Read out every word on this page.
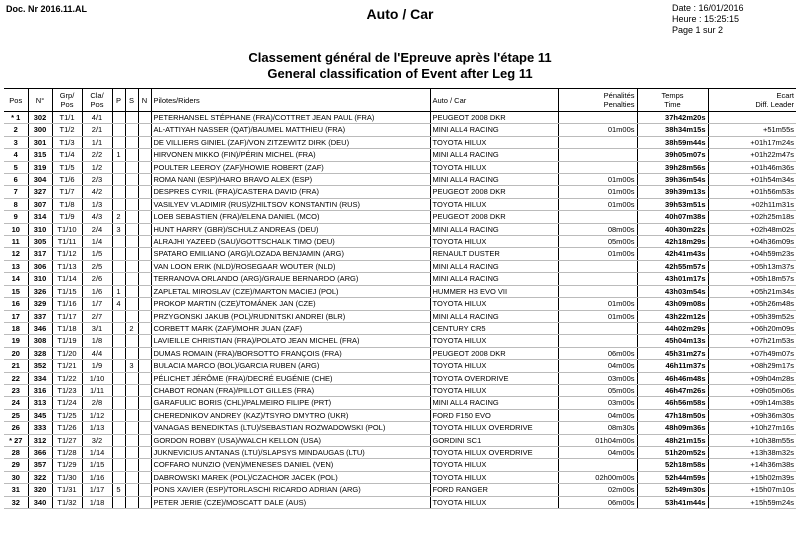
Doc. Nr 2016.11.AL	Auto / Car	Date : 16/01/2016
Heure : 15:25:15
Page 1 sur 2
Classement général de l'Epreuve après l'étape 11
General classification of Event after Leg 11
Pos	N°	Grp/
Pos	Cla/
Pos	P	S	N	Pilotes/Riders	Auto / Car	Pénalités
Penalties	Temps
Time	Ecart
Diff. Leader
* 1	302	T1/1	4/1				PETERHANSEL STÉPHANE (FRA)/COTTRET JEAN PAUL (FRA)	PEUGEOT 2008 DKR		37h42m20s	
2	300	T1/2	2/1				AL-ATTIYAH NASSER (QAT)/BAUMEL MATTHIEU (FRA)	MINI ALL4 RACING	01m00s	38h34m15s	+51m55s
3	301	T1/3	1/1				DE VILLIERS GINIEL (ZAF)/VON ZITZEWITZ DIRK (DEU)	TOYOTA HILUX		38h59m44s	+01h17m24s
4	315	T1/4	2/2	1			HIRVONEN MIKKO (FIN)/PÉRIN MICHEL (FRA)	MINI ALL4 RACING		39h05m07s	+01h22m47s
5	319	T1/5	1/2				POULTER LEEROY (ZAF)/HOWIE ROBERT (ZAF)	TOYOTA HILUX		39h28m56s	+01h46m36s
6	304	T1/6	2/3				ROMA NANI (ESP)/HARO BRAVO ALEX (ESP)	MINI ALL4 RACING	01m00s	39h36m54s	+01h54m34s
7	327	T1/7	4/2				DESPRES CYRIL (FRA)/CASTERA DAVID (FRA)	PEUGEOT 2008 DKR	01m00s	39h39m13s	+01h56m53s
8	307	T1/8	1/3				VASILYEV VLADIMIR (RUS)/ZHILTSOV KONSTANTIN (RUS)	TOYOTA HILUX	01m00s	39h53m51s	+02h11m31s
9	314	T1/9	4/3	2			LOEB SEBASTIEN (FRA)/ELENA DANIEL (MCO)	PEUGEOT 2008 DKR		40h07m38s	+02h25m18s
10	310	T1/10	2/4	3			HUNT HARRY (GBR)/SCHULZ ANDREAS (DEU)	MINI ALL4 RACING	08m00s	40h30m22s	+02h48m02s
11	305	T1/11	1/4				ALRAJHI YAZEED (SAU)/GOTTSCHALK TIMO (DEU)	TOYOTA HILUX	05m00s	42h18m29s	+04h36m09s
12	317	T1/12	1/5				SPATARO EMILIANO (ARG)/LOZADA BENJAMIN (ARG)	RENAULT DUSTER	01m00s	42h41m43s	+04h59m23s
13	306	T1/13	2/5				VAN LOON ERIK (NLD)/ROSEGAAR WOUTER (NLD)	MINI ALL4 RACING		42h55m57s	+05h13m37s
14	310	T1/14	2/6				TERRANOVA ORLANDO (ARG)/GRAUE BERNARDO (ARG)	MINI ALL4 RACING		43h01m17s	+05h18m57s
15	326	T1/15	1/6	1			ZAPLETAL MIROSLAV (CZE)/MARTON MACIEJ (POL)	HUMMER H3 EVO VII		43h03m54s	+05h21m34s
16	329	T1/16	1/7	4			PROKOP MARTIN (CZE)/TOMÁNEK JAN (CZE)	TOYOTA HILUX	01m00s	43h09m08s	+05h26m48s
17	337	T1/17	2/7				PRZYGONSKI JAKUB (POL)/RUDNITSKI ANDREI (BLR)	MINI ALL4 RACING	01m00s	43h22m12s	+05h39m52s
18	346	T1/18	3/1		2		CORBETT MARK (ZAF)/MOHR JUAN (ZAF)	CENTURY CR5		44h02m29s	+06h20m09s
19	308	T1/19	1/8				LAVIEILLE CHRISTIAN (FRA)/POLATO JEAN MICHEL (FRA)	TOYOTA HILUX		45h04m13s	+07h21m53s
20	328	T1/20	4/4				DUMAS ROMAIN (FRA)/BORSOTTO FRANÇOIS (FRA)	PEUGEOT 2008 DKR	06m00s	45h31m27s	+07h49m07s
21	352	T1/21	1/9		3		BULACIA MARCO (BOL)/GARCIA RUBEN (ARG)	TOYOTA HILUX	04m00s	46h11m37s	+08h29m17s
22	334	T1/22	1/10				PÉLICHET JÉRÔME (FRA)/DECRÉ EUGÉNIE (CHE)	TOYOTA OVERDRIVE	03m00s	46h46m48s	+09h04m28s
23	316	T1/23	1/11				CHABOT RONAN (FRA)/PILLOT GILLES (FRA)	TOYOTA HILUX	05m00s	46h47m26s	+09h05m06s
24	313	T1/24	2/8				GARAFULIC BORIS (CHL)/PALMEIRO FILIPE (PRT)	MINI ALL4 RACING	03m00s	46h56m58s	+09h14m38s
25	345	T1/25	1/12				CHEREDNIKOV ANDREY (KAZ)/TSYRO DMYTRO (UKR)	FORD F150 EVO	04m00s	47h18m50s	+09h36m30s
26	333	T1/26	1/13				VANAGAS BENEDIKTAS (LTU)/SEBASTIAN ROZWADOWSKI (POL)	TOYOTA HILUX OVERDRIVE	08m30s	48h09m36s	+10h27m16s
* 27	312	T1/27	3/2				GORDON ROBBY (USA)/WALCH KELLON (USA)	GORDINI SC1	01h04m00s	48h21m15s	+10h38m55s
28	366	T1/28	1/14				JUKNEVICIUS ANTANAS (LTU)/SLAPSYS MINDAUGAS (LTU)	TOYOTA HILUX OVERDRIVE	04m00s	51h20m52s	+13h38m32s
29	357	T1/29	1/15				COFFARO NUNZIO (VEN)/MENESES DANIEL (VEN)	TOYOTA HILUX		52h18m58s	+14h36m38s
30	322	T1/30	1/16				DABROWSKI MAREK (POL)/CZACHOR JACEK (POL)	TOYOTA HILUX	02h00m00s	52h44m59s	+15h02m39s
31	320	T1/31	1/17	5			PONS XAVIER (ESP)/TORLASCHI RICARDO ADRIAN (ARG)	FORD RANGER	02m00s	52h49m30s	+15h07m10s
32	340	T1/32	1/18				PETER JERIE (CZE)/MOSCATT DALE (AUS)	TOYOTA HILUX	06m00s	53h41m44s	+15h59m24s
